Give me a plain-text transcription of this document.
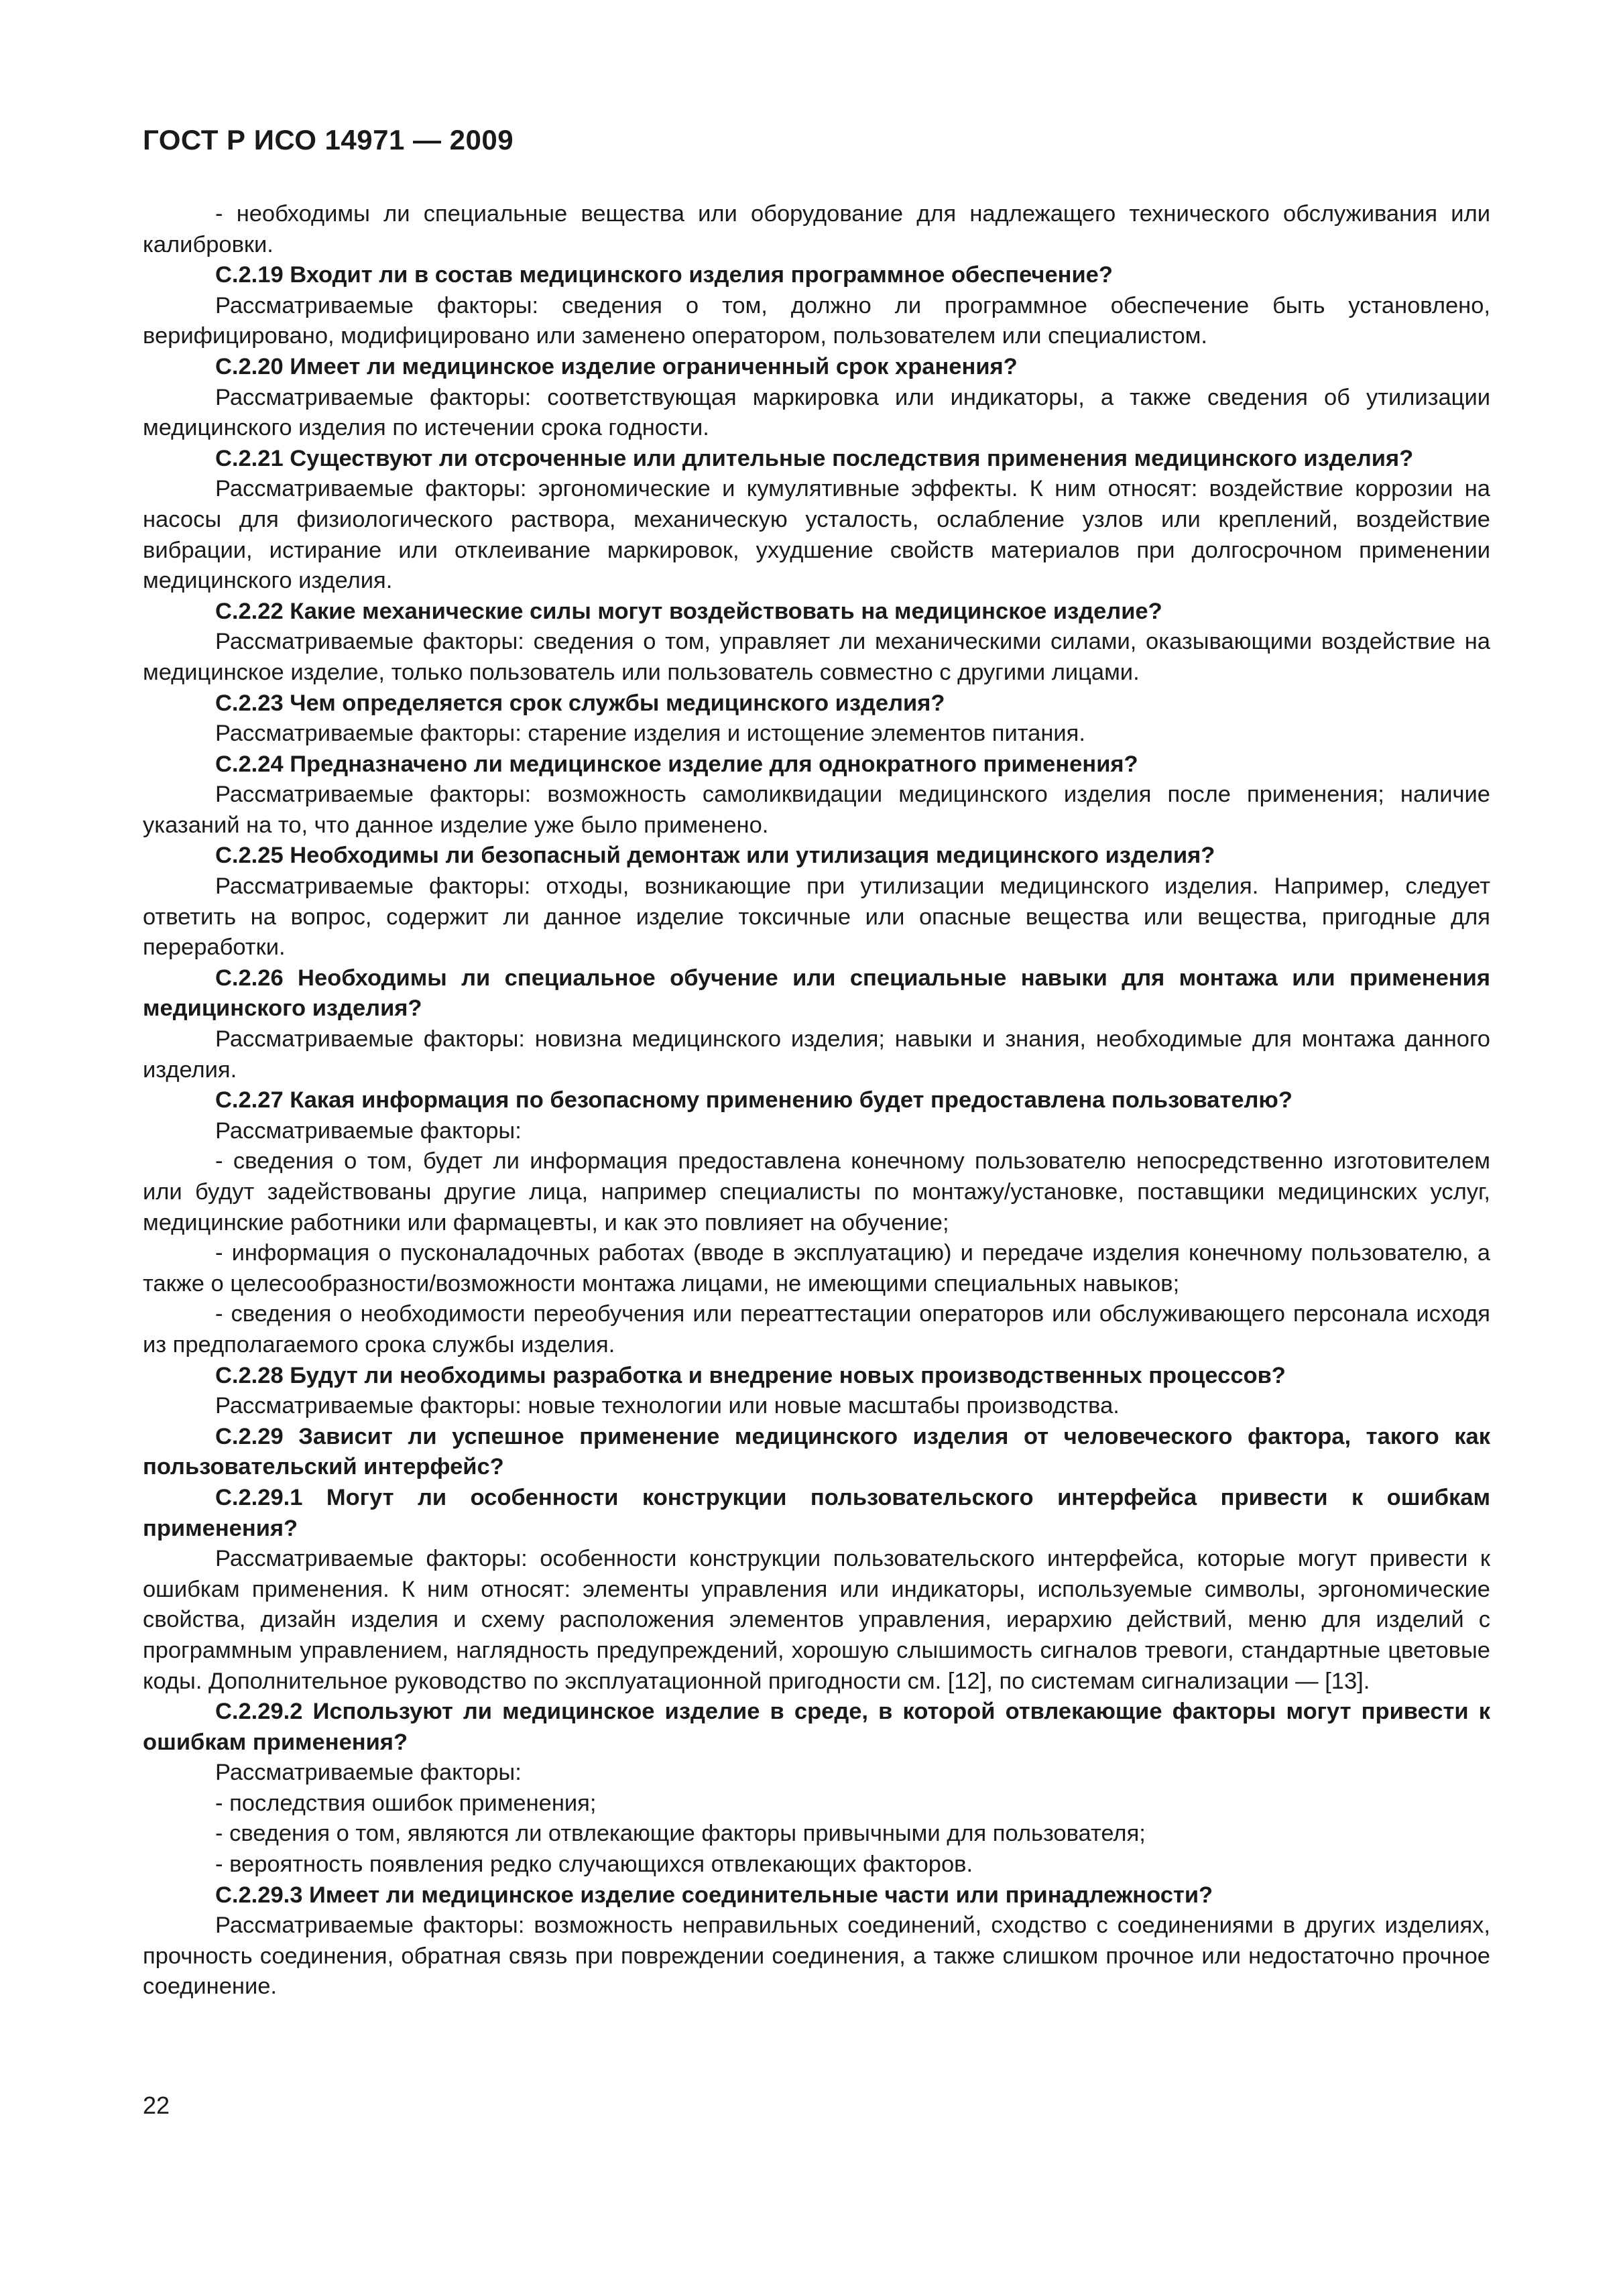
ГОСТ Р ИСО 14971 — 2009

- необходимы ли специальные вещества или оборудование для надлежащего технического обслуживания или калибровки.

С.2.19 Входит ли в состав медицинского изделия программное обеспечение?

Рассматриваемые факторы: сведения о том, должно ли программное обеспечение быть установлено, верифицировано, модифицировано или заменено оператором, пользователем или специалистом.

С.2.20 Имеет ли медицинское изделие ограниченный срок хранения?

Рассматриваемые факторы: соответствующая маркировка или индикаторы, а также сведения об утилизации медицинского изделия по истечении срока годности.

С.2.21 Существуют ли отсроченные или длительные последствия применения медицинского изделия?

Рассматриваемые факторы: эргономические и кумулятивные эффекты. К ним относят: воздействие коррозии на насосы для физиологического раствора, механическую усталость, ослабление узлов или креплений, воздействие вибрации, истирание или отклеивание маркировок, ухудшение свойств материалов при долгосрочном применении медицинского изделия.

С.2.22 Какие механические силы могут воздействовать на медицинское изделие?

Рассматриваемые факторы: сведения о том, управляет ли механическими силами, оказывающими воздействие на медицинское изделие, только пользователь или пользователь совместно с другими лицами.

С.2.23 Чем определяется срок службы медицинского изделия?

Рассматриваемые факторы: старение изделия и истощение элементов питания.

С.2.24 Предназначено ли медицинское изделие для однократного применения?

Рассматриваемые факторы: возможность самоликвидации медицинского изделия после применения; наличие указаний на то, что данное изделие уже было применено.

С.2.25 Необходимы ли безопасный демонтаж или утилизация медицинского изделия?

Рассматриваемые факторы: отходы, возникающие при утилизации медицинского изделия. Например, следует ответить на вопрос, содержит ли данное изделие токсичные или опасные вещества или вещества, пригодные для переработки.

С.2.26 Необходимы ли специальное обучение или специальные навыки для монтажа или применения медицинского изделия?

Рассматриваемые факторы: новизна медицинского изделия; навыки и знания, необходимые для монтажа данного изделия.

С.2.27 Какая информация по безопасному применению будет предоставлена пользователю?

Рассматриваемые факторы:

- сведения о том, будет ли информация предоставлена конечному пользователю непосредственно изготовителем или будут задействованы другие лица, например специалисты по монтажу/установке, поставщики медицинских услуг, медицинские работники или фармацевты, и как это повлияет на обучение;

- информация о пусконаладочных работах (вводе в эксплуатацию) и передаче изделия конечному пользователю, а также о целесообразности/возможности монтажа лицами, не имеющими специальных навыков;

- сведения о необходимости переобучения или переаттестации операторов или обслуживающего персонала исходя из предполагаемого срока службы изделия.

С.2.28 Будут ли необходимы разработка и внедрение новых производственных процессов?

Рассматриваемые факторы: новые технологии или новые масштабы производства.

С.2.29 Зависит ли успешное применение медицинского изделия от человеческого фактора, такого как пользовательский интерфейс?

С.2.29.1 Могут ли особенности конструкции пользовательского интерфейса привести к ошибкам применения?

Рассматриваемые факторы: особенности конструкции пользовательского интерфейса, которые могут привести к ошибкам применения. К ним относят: элементы управления или индикаторы, используемые символы, эргономические свойства, дизайн изделия и схему расположения элементов управления, иерархию действий, меню для изделий с программным управлением, наглядность предупреждений, хорошую слышимость сигналов тревоги, стандартные цветовые коды. Дополнительное руководство по эксплуатационной пригодности см. [12], по системам сигнализации — [13].

С.2.29.2 Используют ли медицинское изделие в среде, в которой отвлекающие факторы могут привести к ошибкам применения?

Рассматриваемые факторы:

- последствия ошибок применения;

- сведения о том, являются ли отвлекающие факторы привычными для пользователя;

- вероятность появления редко случающихся отвлекающих факторов.

С.2.29.3 Имеет ли медицинское изделие соединительные части или принадлежности?

Рассматриваемые факторы: возможность неправильных соединений, сходство с соединениями в других изделиях, прочность соединения, обратная связь при повреждении соединения, а также слишком прочное или недостаточно прочное соединение.

22
